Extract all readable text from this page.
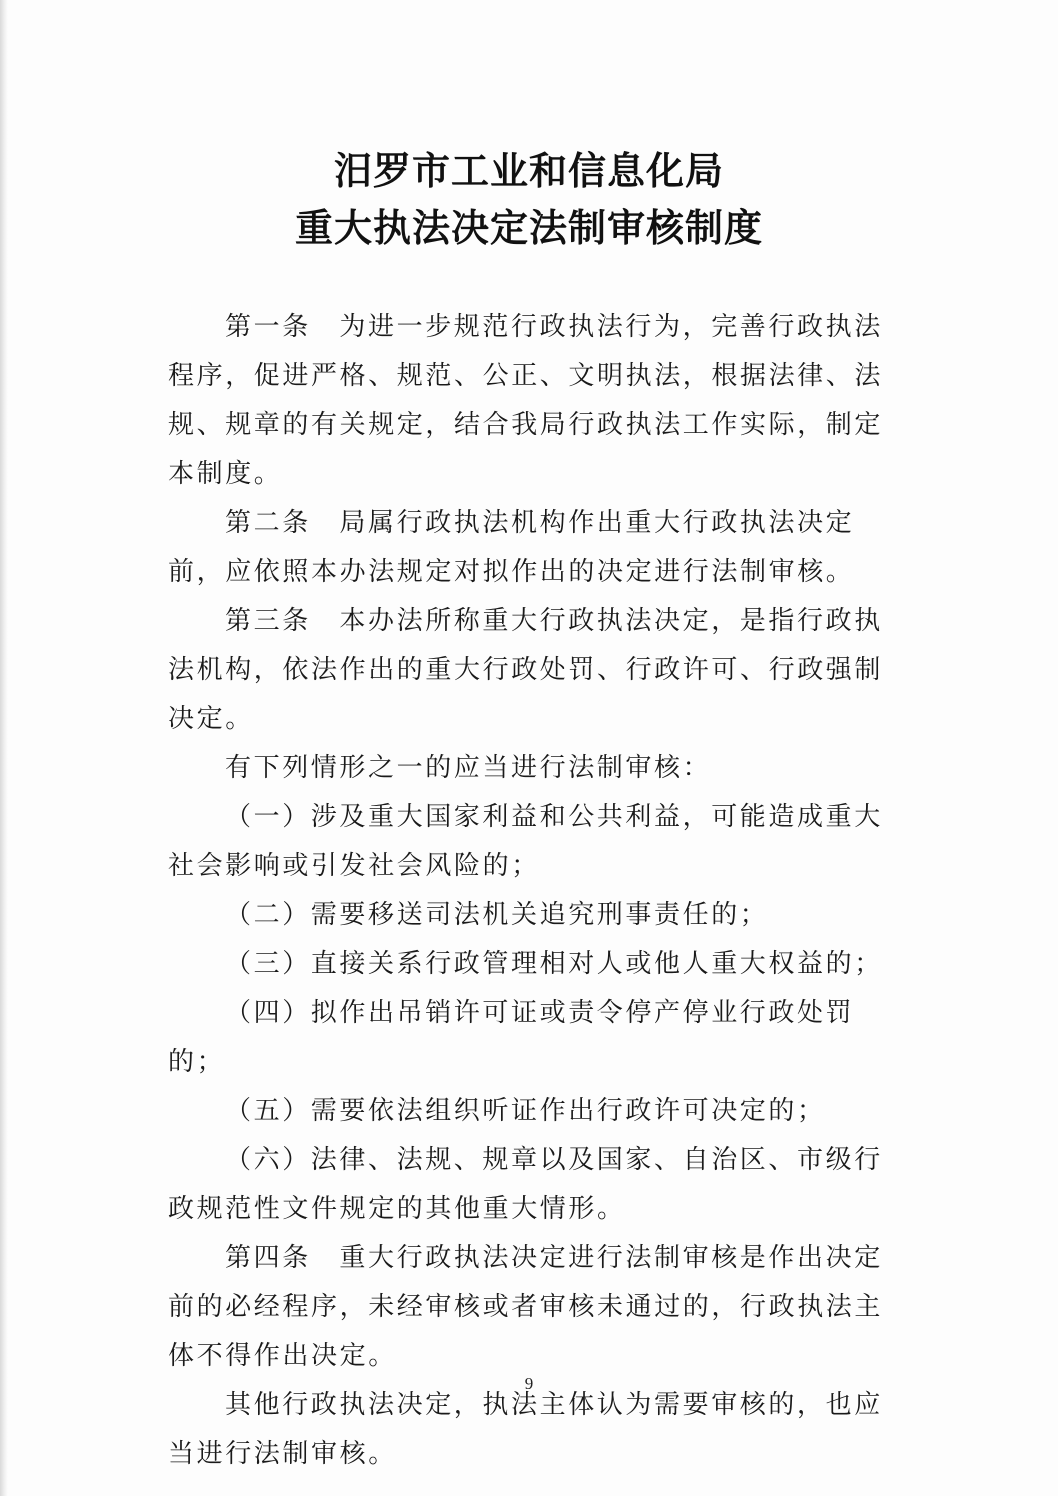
汨罗市工业和信息化局
重大执法决定法制审核制度

第一条　为进一步规范行政执法行为，完善行政执法程序，促进严格、规范、公正、文明执法，根据法律、法规、规章的有关规定，结合我局行政执法工作实际，制定本制度。

第二条　局属行政执法机构作出重大行政执法决定前，应依照本办法规定对拟作出的决定进行法制审核。

第三条　本办法所称重大行政执法决定，是指行政执法机构，依法作出的重大行政处罚、行政许可、行政强制决定。

有下列情形之一的应当进行法制审核：

（一）涉及重大国家利益和公共利益，可能造成重大社会影响或引发社会风险的；

（二）需要移送司法机关追究刑事责任的；

（三）直接关系行政管理相对人或他人重大权益的；

（四）拟作出吊销许可证或责令停产停业行政处罚的；

（五）需要依法组织听证作出行政许可决定的；

（六）法律、法规、规章以及国家、自治区、市级行政规范性文件规定的其他重大情形。

第四条　重大行政执法决定进行法制审核是作出决定前的必经程序，未经审核或者审核未通过的，行政执法主体不得作出决定。

其他行政执法决定，执法主体认为需要审核的，也应当进行法制审核。

9
